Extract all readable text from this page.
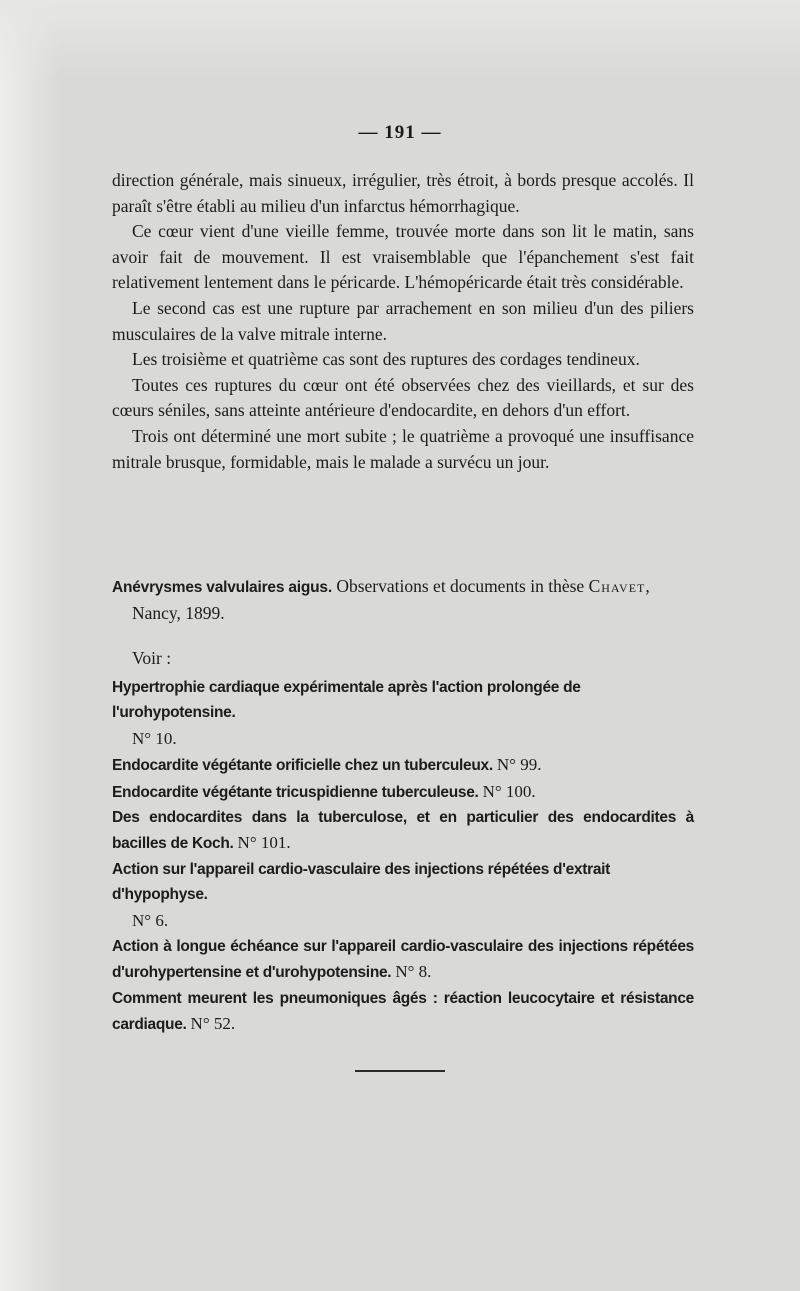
— 191 —

direction générale, mais sinueux, irrégulier, très étroit, à bords presque accolés. Il paraît s'être établi au milieu d'un infarctus hémorrhagique.

Ce cœur vient d'une vieille femme, trouvée morte dans son lit le matin, sans avoir fait de mouvement. Il est vraisemblable que l'épanchement s'est fait relativement lentement dans le péricarde. L'hémopéricarde était très considérable.

Le second cas est une rupture par arrachement en son milieu d'un des piliers musculaires de la valve mitrale interne.

Les troisième et quatrième cas sont des ruptures des cordages tendineux.

Toutes ces ruptures du cœur ont été observées chez des vieillards, et sur des cœurs séniles, sans atteinte antérieure d'endocardite, en dehors d'un effort.

Trois ont déterminé une mort subite ; le quatrième a provoqué une insuffisance mitrale brusque, formidable, mais le malade a survécu un jour.

Anévrysmes valvulaires aigus. Observations et documents in thèse Chavet,
Nancy, 1899.
Voir :

Hypertrophie cardiaque expérimentale après l'action prolongée de l'urohypotensine.
N° 10.

Endocardite végétante orificielle chez un tuberculeux. N° 99.

Endocardite végétante tricuspidienne tuberculeuse. N° 100.

Des endocardites dans la tuberculose, et en particulier des endocardites à bacilles de Koch. N° 101.

Action sur l'appareil cardio-vasculaire des injections répétées d'extrait d'hypophyse.
N° 6.

Action à longue échéance sur l'appareil cardio-vasculaire des injections répétées d'urohypertensine et d'urohypotensine. N° 8.

Comment meurent les pneumoniques âgés : réaction leucocytaire et résistance cardiaque. N° 52.
